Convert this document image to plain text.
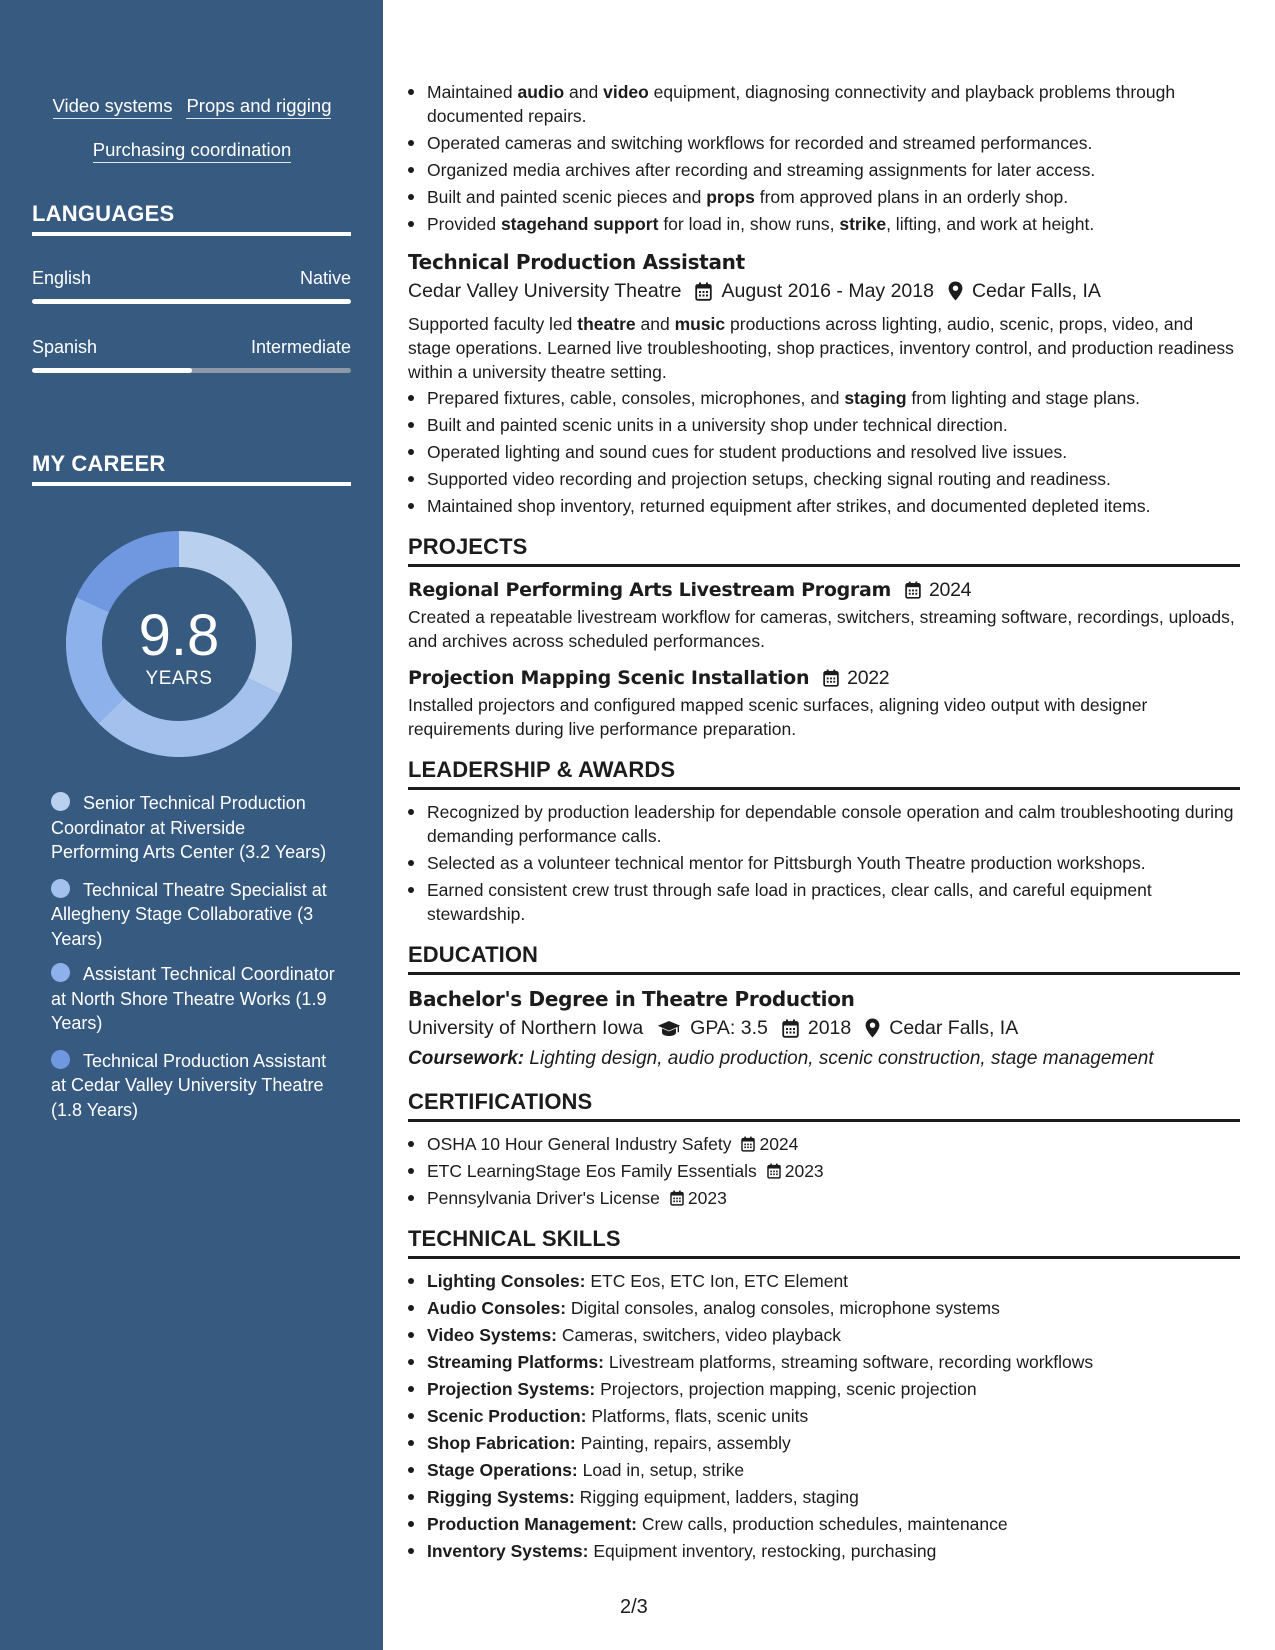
Video systems Props and rigging
Purchasing coordination
LANGUAGES
English	Native
Spanish	Intermediate
MY CAREER
9.8
YEARS
Senior Technical Production Coordinator at Riverside Performing Arts Center (3.2 Years)
Technical Theatre Specialist at Allegheny Stage Collaborative (3 Years)
Assistant Technical Coordinator at North Shore Theatre Works (1.9 Years)
Technical Production Assistant at Cedar Valley University Theatre (1.8 Years)
Maintained audio and video equipment, diagnosing connectivity and playback problems through documented repairs.
Operated cameras and switching workflows for recorded and streamed performances.
Organized media archives after recording and streaming assignments for later access.
Built and painted scenic pieces and props from approved plans in an orderly shop.
Provided stagehand support for load in, show runs, strike, lifting, and work at height.
Technical Production Assistant
Cedar Valley University Theatre August 2016 - May 2018 Cedar Falls, IA
Supported faculty led theatre and music productions across lighting, audio, scenic, props, video, and stage operations. Learned live troubleshooting, shop practices, inventory control, and production readiness within a university theatre setting.
Prepared fixtures, cable, consoles, microphones, and staging from lighting and stage plans.
Built and painted scenic units in a university shop under technical direction.
Operated lighting and sound cues for student productions and resolved live issues.
Supported video recording and projection setups, checking signal routing and readiness.
Maintained shop inventory, returned equipment after strikes, and documented depleted items.
PROJECTS
Regional Performing Arts Livestream Program 2024
Created a repeatable livestream workflow for cameras, switchers, streaming software, recordings, uploads, and archives across scheduled performances.
Projection Mapping Scenic Installation 2022
Installed projectors and configured mapped scenic surfaces, aligning video output with designer requirements during live performance preparation.
LEADERSHIP & AWARDS
Recognized by production leadership for dependable console operation and calm troubleshooting during demanding performance calls.
Selected as a volunteer technical mentor for Pittsburgh Youth Theatre production workshops.
Earned consistent crew trust through safe load in practices, clear calls, and careful equipment stewardship.
EDUCATION
Bachelor's Degree in Theatre Production
University of Northern Iowa GPA: 3.5 2018 Cedar Falls, IA
Coursework: Lighting design, audio production, scenic construction, stage management
CERTIFICATIONS
OSHA 10 Hour General Industry Safety 2024
ETC LearningStage Eos Family Essentials 2023
Pennsylvania Driver's License 2023
TECHNICAL SKILLS
Lighting Consoles: ETC Eos, ETC Ion, ETC Element
Audio Consoles: Digital consoles, analog consoles, microphone systems
Video Systems: Cameras, switchers, video playback
Streaming Platforms: Livestream platforms, streaming software, recording workflows
Projection Systems: Projectors, projection mapping, scenic projection
Scenic Production: Platforms, flats, scenic units
Shop Fabrication: Painting, repairs, assembly
Stage Operations: Load in, setup, strike
Rigging Systems: Rigging equipment, ladders, staging
Production Management: Crew calls, production schedules, maintenance
Inventory Systems: Equipment inventory, restocking, purchasing
2/3
